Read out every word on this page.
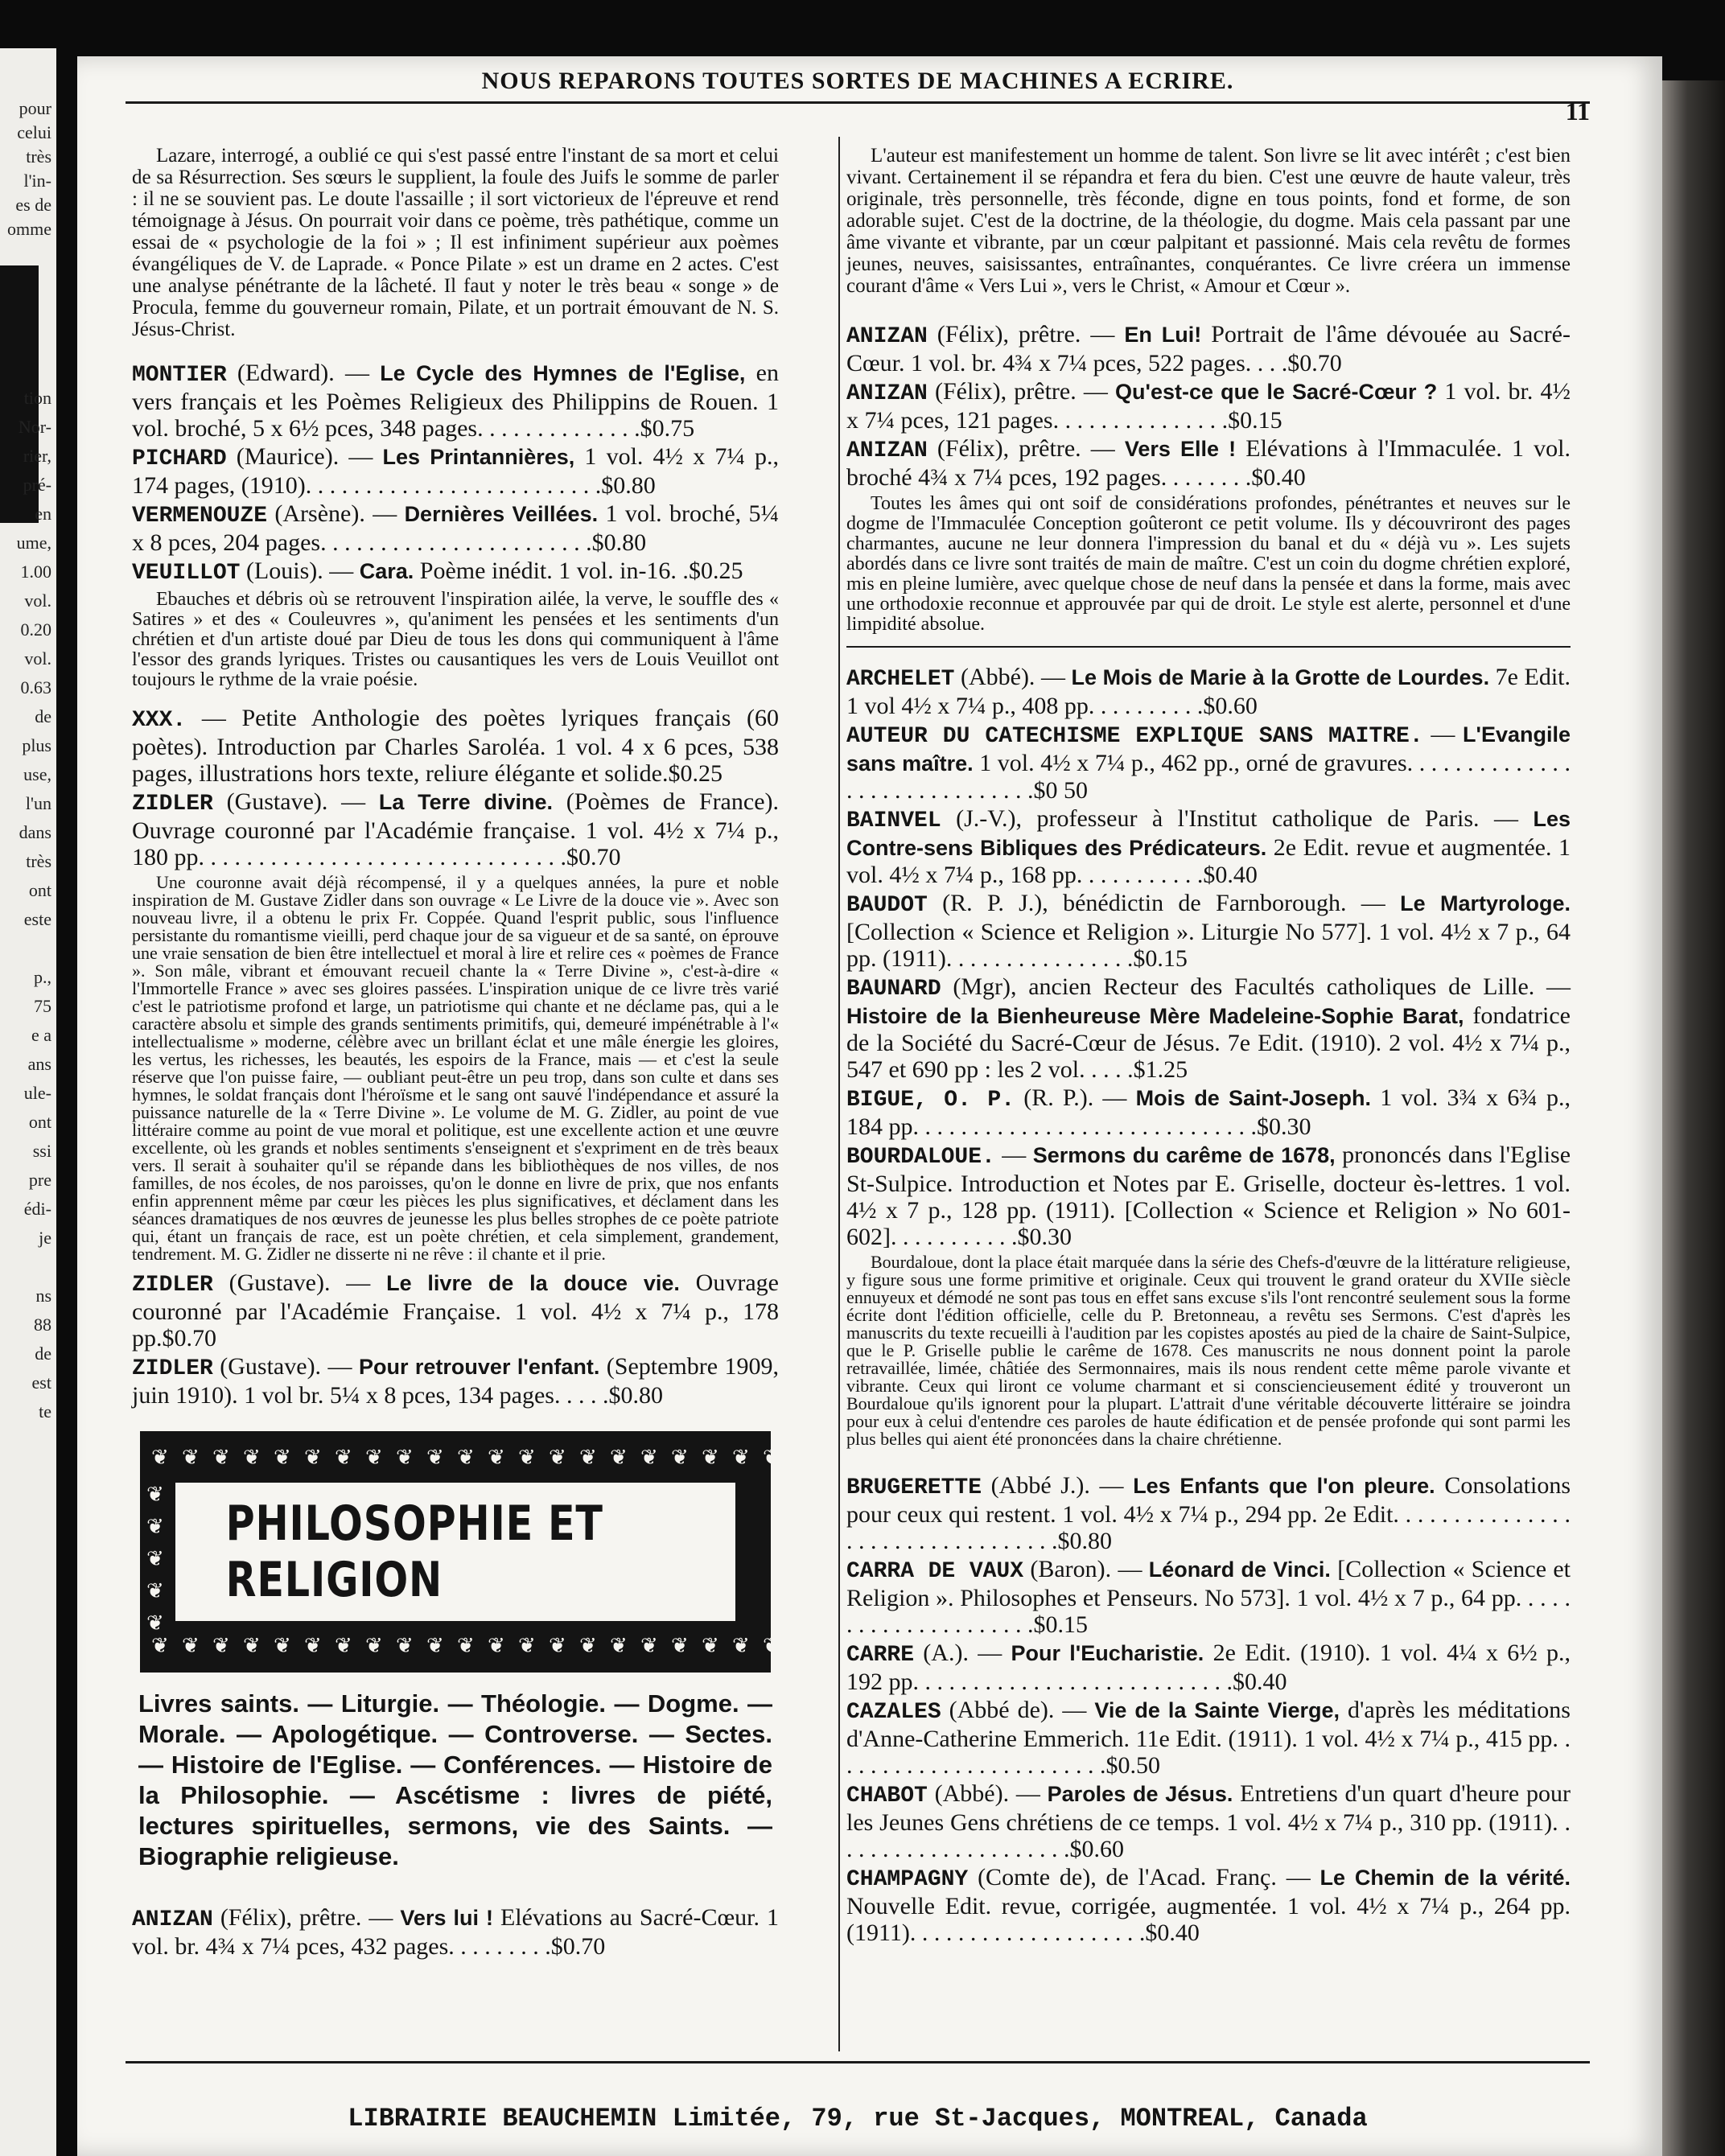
pour
celui
très
l'in-
es de
omme
tion
Nor-
rier,
pré-
en
ume,
1.00
vol.
0.20
vol.
0.63
de
plus
use,
l'un
dans
très
ont
este
p.,
75
e a
ans
ule-
ont
ssi
pre
édi-
je
ns
88
de
est
te
NOUS REPARONS TOUTES SORTES DE MACHINES A ECRIRE.
11
Lazare, interrogé, a oublié ce qui s'est passé entre l'instant de sa mort et celui de sa Résurrection. Ses sœurs le supplient, la foule des Juifs le somme de parler : il ne se souvient pas. Le doute l'assaille ; il sort victorieux de l'épreuve et rend témoignage à Jésus. On pourrait voir dans ce poème, très pathétique, comme un essai de « psychologie de la foi » ; Il est infiniment supérieur aux poèmes évangéliques de V. de Laprade. « Ponce Pilate » est un drame en 2 actes. C'est une analyse pénétrante de la lâcheté. Il faut y noter le très beau « songe » de Procula, femme du gouverneur romain, Pilate, et un portrait émouvant de N. S. Jésus-Christ.

MONTIER (Edward). — Le Cycle des Hymnes de l'Eglise, en vers français et les Poèmes Religieux des Philippins de Rouen. 1 vol. broché, 5 x 6½ pces, 348 pages. . . . . . . . . . . . . .$0.75

PICHARD (Maurice). — Les Printannières, 1 vol. 4½ x 7¼ p., 174 pages, (1910). . . . . . . . . . . . . . . . . . . . . . . . .$0.80

VERMENOUZE (Arsène). — Dernières Veillées. 1 vol. broché, 5¼ x 8 pces, 204 pages. . . . . . . . . . . . . . . . . . . . . . .$0.80

VEUILLOT (Louis). — Cara. Poème inédit. 1 vol. in-16. .$0.25

Ebauches et débris où se retrouvent l'inspiration ailée, la verve, le souffle des « Satires » et des « Couleuvres », qu'animent les pensées et les sentiments d'un chrétien et d'un artiste doué par Dieu de tous les dons qui communiquent à l'âme l'essor des grands lyriques. Tristes ou causantiques les vers de Louis Veuillot ont toujours le rythme de la vraie poésie.

XXX. — Petite Anthologie des poètes lyriques français (60 poètes). Introduction par Charles Saroléa. 1 vol. 4 x 6 pces, 538 pages, illustrations hors texte, reliure élégante et solide.$0.25

ZIDLER (Gustave). — La Terre divine. (Poèmes de France). Ouvrage couronné par l'Académie française. 1 vol. 4½ x 7¼ p., 180 pp. . . . . . . . . . . . . . . . . . . . . . . . . . . . . . .$0.70

Une couronne avait déjà récompensé, il y a quelques années, la pure et noble inspiration de M. Gustave Zidler dans son ouvrage « Le Livre de la douce vie ». Avec son nouveau livre, il a obtenu le prix Fr. Coppée. Quand l'esprit public, sous l'influence persistante du romantisme vieilli, perd chaque jour de sa vigueur et de sa santé, on éprouve une vraie sensation de bien être intellectuel et moral à lire et relire ces « poèmes de France ». Son mâle, vibrant et émouvant recueil chante la « Terre Divine », c'est-à-dire « l'Immortelle France » avec ses gloires passées. L'inspiration unique de ce livre très varié c'est le patriotisme profond et large, un patriotisme qui chante et ne déclame pas, qui a le caractère absolu et simple des grands sentiments primitifs, qui, demeuré impénétrable à l'« intellectualisme » moderne, célèbre avec un brillant éclat et une mâle énergie les gloires, les vertus, les richesses, les beautés, les espoirs de la France, mais — et c'est la seule réserve que l'on puisse faire, — oubliant peut-être un peu trop, dans son culte et dans ses hymnes, le soldat français dont l'héroïsme et le sang ont sauvé l'indépendance et assuré la puissance naturelle de la « Terre Divine ». Le volume de M. G. Zidler, au point de vue littéraire comme au point de vue moral et politique, est une excellente action et une œuvre excellente, où les grands et nobles sentiments s'enseignent et s'expriment en de très beaux vers. Il serait à souhaiter qu'il se répande dans les bibliothèques de nos villes, de nos familles, de nos écoles, de nos paroisses, qu'on le donne en livre de prix, que nos enfants enfin apprennent même par cœur les pièces les plus significatives, et déclament dans les séances dramatiques de nos œuvres de jeunesse les plus belles strophes de ce poète patriote qui, étant un français de race, est un poète chrétien, et cela simplement, grandement, tendrement. M. G. Zidler ne disserte ni ne rêve : il chante et il prie.

ZIDLER (Gustave). — Le livre de la douce vie. Ouvrage couronné par l'Académie Française. 1 vol. 4½ x 7¼ p., 178 pp.$0.70

ZIDLER (Gustave). — Pour retrouver l'enfant. (Septembre 1909, juin 1910). 1 vol br. 5¼ x 8 pces, 134 pages. . . . .$0.80

PHILOSOPHIE ET RELIGION
❦
❦
❦
❦
❦
❦
❦
❦
❦
❦
❦
❦
❦
❦
❦
❦
❦
❦
❦
❦
❦
❦
❦
❦
❦
❦
❦
❦
❦
❦
❦
❦
❦
❦
❦
❦
❦
❦
❦
❦
❦
❦
❦
❦
❦	❦
❦	❦
❦	❦
❦	❦
❦	❦
Livres saints. — Liturgie. — Théologie. — Dogme. — Morale. — Apologétique. — Controverse. — Sectes. — Histoire de l'Eglise. — Conférences. — Histoire de la Philosophie. — Ascétisme : livres de piété, lectures spirituelles, sermons, vie des Saints. — Biographie religieuse.

ANIZAN (Félix), prêtre. — Vers lui ! Elévations au Sacré-Cœur. 1 vol. br. 4¾ x 7¼ pces, 432 pages. . . . . . . . .$0.70

L'auteur est manifestement un homme de talent. Son livre se lit avec intérêt ; c'est bien vivant. Certainement il se répandra et fera du bien. C'est une œuvre de haute valeur, très originale, très personnelle, très féconde, digne en tous points, fond et forme, de son adorable sujet. C'est de la doctrine, de la théologie, du dogme. Mais cela passant par une âme vivante et vibrante, par un cœur palpitant et passionné. Mais cela revêtu de formes jeunes, neuves, saisissantes, entraînantes, conquérantes. Ce livre créera un immense courant d'âme « Vers Lui », vers le Christ, « Amour et Cœur ».

ANIZAN (Félix), prêtre. — En Lui! Portrait de l'âme dévouée au Sacré-Cœur. 1 vol. br. 4¾ x 7¼ pces, 522 pages. . . .$0.70

ANIZAN (Félix), prêtre. — Qu'est-ce que le Sacré-Cœur ? 1 vol. br. 4½ x 7¼ pces, 121 pages. . . . . . . . . . . . . . .$0.15

ANIZAN (Félix), prêtre. — Vers Elle ! Elévations à l'Immaculée. 1 vol. broché 4¾ x 7¼ pces, 192 pages. . . . . . . .$0.40

Toutes les âmes qui ont soif de considérations profondes, pénétrantes et neuves sur le dogme de l'Immaculée Conception goûteront ce petit volume. Ils y découvriront des pages charmantes, aucune ne leur donnera l'impression du banal et du « déjà vu ». Les sujets abordés dans ce livre sont traités de main de maître. C'est un coin du dogme chrétien exploré, mis en pleine lumière, avec quelque chose de neuf dans la pensée et dans la forme, mais avec une orthodoxie reconnue et approuvée par qui de droit. Le style est alerte, personnel et d'une limpidité absolue.

ARCHELET (Abbé). — Le Mois de Marie à la Grotte de Lourdes. 7e Edit. 1 vol 4½ x 7¼ p., 408 pp. . . . . . . . . .$0.60

AUTEUR DU CATECHISME EXPLIQUE SANS MAITRE. — L'Evangile sans maître. 1 vol. 4½ x 7¼ p., 462 pp., orné de gravures. . . . . . . . . . . . . . . . . . . . . . . . . . . . . .$0 50

BAINVEL (J.-V.), professeur à l'Institut catholique de Paris. — Les Contre-sens Bibliques des Prédicateurs. 2e Edit. revue et augmentée. 1 vol. 4½ x 7¼ p., 168 pp. . . . . . . . . . .$0.40

BAUDOT (R. P. J.), bénédictin de Farnborough. — Le Martyrologe. [Collection « Science et Religion ». Liturgie No 577]. 1 vol. 4½ x 7 p., 64 pp. (1911). . . . . . . . . . . . . . . .$0.15

BAUNARD (Mgr), ancien Recteur des Facultés catholiques de Lille. — Histoire de la Bienheureuse Mère Madeleine-Sophie Barat, fondatrice de la Société du Sacré-Cœur de Jésus. 7e Edit. (1910). 2 vol. 4½ x 7¼ p., 547 et 690 pp : les 2 vol. . . . .$1.25

BIGUE, O. P. (R. P.). — Mois de Saint-Joseph. 1 vol. 3¾ x 6¾ p., 184 pp. . . . . . . . . . . . . . . . . . . . . . . . . . . . .$0.30

BOURDALOUE. — Sermons du carême de 1678, prononcés dans l'Eglise St-Sulpice. Introduction et Notes par E. Griselle, docteur ès-lettres. 1 vol. 4½ x 7 p., 128 pp. (1911). [Collection « Science et Religion » No 601-602]. . . . . . . . . . .$0.30

Bourdaloue, dont la place était marquée dans la série des Chefs-d'œuvre de la littérature religieuse, y figure sous une forme primitive et originale. Ceux qui trouvent le grand orateur du XVIIe siècle ennuyeux et démodé ne sont pas tous en effet sans excuse s'ils l'ont rencontré seulement sous la forme écrite dont l'édition officielle, celle du P. Bretonneau, a revêtu ses Sermons. C'est d'après les manuscrits du texte recueilli à l'audition par les copistes apostés au pied de la chaire de Saint-Sulpice, que le P. Griselle publie le carême de 1678. Ces manuscrits ne nous donnent point la parole retravaillée, limée, châtiée des Sermonnaires, mais ils nous rendent cette même parole vivante et vibrante. Ceux qui liront ce volume charmant et si consciencieusement édité y trouveront un Bourdaloue qu'ils ignorent pour la plupart. L'attrait d'une véritable découverte littéraire se joindra pour eux à celui d'entendre ces paroles de haute édification et de pensée profonde qui sont parmi les plus belles qui aient été prononcées dans la chaire chrétienne.

BRUGERETTE (Abbé J.). — Les Enfants que l'on pleure. Consolations pour ceux qui restent. 1 vol. 4½ x 7¼ p., 294 pp. 2e Edit. . . . . . . . . . . . . . . . . . . . . . . . . . . . . . . . .$0.80

CARRA DE VAUX (Baron). — Léonard de Vinci. [Collection « Science et Religion ». Philosophes et Penseurs. No 573]. 1 vol. 4½ x 7 p., 64 pp. . . . . . . . . . . . . . . . . . . . .$0.15

CARRE (A.). — Pour l'Eucharistie. 2e Edit. (1910). 1 vol. 4¼ x 6½ p., 192 pp. . . . . . . . . . . . . . . . . . . . . . . . . . .$0.40

CAZALES (Abbé de). — Vie de la Sainte Vierge, d'après les méditations d'Anne-Catherine Emmerich. 11e Edit. (1911). 1 vol. 4½ x 7¼ p., 415 pp. . . . . . . . . . . . . . . . . . . . . . . .$0.50

CHABOT (Abbé). — Paroles de Jésus. Entretiens d'un quart d'heure pour les Jeunes Gens chrétiens de ce temps. 1 vol. 4½ x 7¼ p., 310 pp. (1911). . . . . . . . . . . . . . . . . . . . .$0.60

CHAMPAGNY (Comte de), de l'Acad. Franç. — Le Chemin de la vérité. Nouvelle Edit. revue, corrigée, augmentée. 1 vol. 4½ x 7¼ p., 264 pp. (1911). . . . . . . . . . . . . . . . . . . .$0.40

LIBRAIRIE BEAUCHEMIN Limitée, 79, rue St-Jacques, MONTREAL, Canada
